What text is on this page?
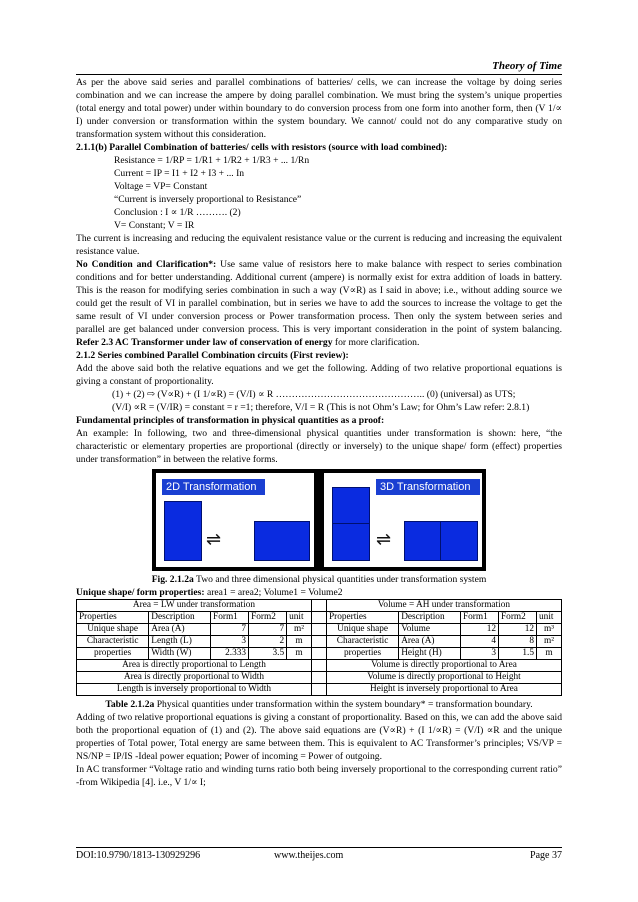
Theory of Time

As per the above said series and parallel combinations of batteries/ cells, we can increase the voltage by doing series combination and we can increase the ampere by doing parallel combination. We must bring the system’s unique properties (total energy and total power) under within boundary to do conversion process from one form into another form, then (V 1/∝ I) under conversion or transformation within the system boundary. We cannot/ could not do any comparative study on transformation system without this consideration.

2.1.1(b) Parallel Combination of batteries/ cells with resistors (source with load combined):

Resistance = 1/RP = 1/R1 + 1/R2 + 1/R3 + ... 1/Rn

Current = IP = I1 + I2 + I3 + ... In

Voltage = VP= Constant

“Current is inversely proportional to Resistance”

Conclusion : I ∝ 1/R ………. (2)

V= Constant; V = IR

The current is increasing and reducing the equivalent resistance value or the current is reducing and increasing the equivalent resistance value.

No Condition and Clarification*: Use same value of resistors here to make balance with respect to series combination conditions and for better understanding. Additional current (ampere) is normally exist for extra addition of loads in battery. This is the reason for modifying series combination in such a way (V∝R) as I said in above; i.e., without adding source we could get the result of VI in parallel combination, but in series we have to add the sources to increase the voltage to get the same result of VI under conversion process or Power transformation process. Then only the system between series and parallel are get balanced under conversion process. This is very important consideration in the point of system balancing. Refer 2.3 AC Transformer under law of conservation of energy for more clarification.

2.1.2 Series combined Parallel Combination circuits (First review):

Add the above said both the relative equations and we get the following. Adding of two relative proportional equations is giving a constant of proportionality.

(1) + (2) ⇨ (V∝R) + (I 1/∝R) = (V/I) ∝ R ……………………………………….. (0) (universal) as UTS;

(V/I) ∝R = (V/IR) = constant = r =1; therefore, V/I = R (This is not Ohm’s Law; for Ohm’s Law refer: 2.8.1)

Fundamental principles of transformation in physical quantities as a proof:

An example: In following, two and three-dimensional physical quantities under transformation is shown: here, “the characteristic or elementary properties are proportional (directly or inversely) to the unique shape/ form (effect) properties under transformation” in between the relative forms.

2D Transformation
⇌
3D Transformation
⇌

Fig. 2.1.2a Two and three dimensional physical quantities under transformation system

Unique shape/ form properties: area1 = area2; Volume1 = Volume2

Area = LW under transformation						Volume = AH under transformation				
Properties	Description	Form1	Form2	unit		Properties	Description	Form1	Form2	unit
Unique shape	Area (A)	7	7	m²		Unique shape	Volume	12	12	m³
Characteristic	Length (L)	3	2	m		Characteristic	Area (A)	4	8	m²
properties	Width (W)	2.333	3.5	m		properties	Height (H)	3	1.5	m
Area is directly proportional to Length						Volume is directly proportional to Area				
Area is directly proportional to Width						Volume is directly proportional to Height				
Length is inversely proportional to Width						Height is inversely proportional to Area				

Table 2.1.2a Physical quantities under transformation within the system boundary* = transformation boundary.

Adding of two relative proportional equations is giving a constant of proportionality. Based on this, we can add the above said both the proportional equation of (1) and (2). The above said equations are (V∝R) + (I 1/∝R) = (V/I) ∝R and the unique properties of Total power, Total energy are same between them. This is equivalent to AC Transformer’s principles; VS/VP = NS/NP = IP/IS -Ideal power equation; Power of incoming = Power of outgoing.

In AC transformer “Voltage ratio and winding turns ratio both being inversely proportional to the corresponding current ratio” -from Wikipedia [4]. i.e., V 1/∝ I;

DOI:10.9790/1813-130929296	www.theijes.com	Page 37
